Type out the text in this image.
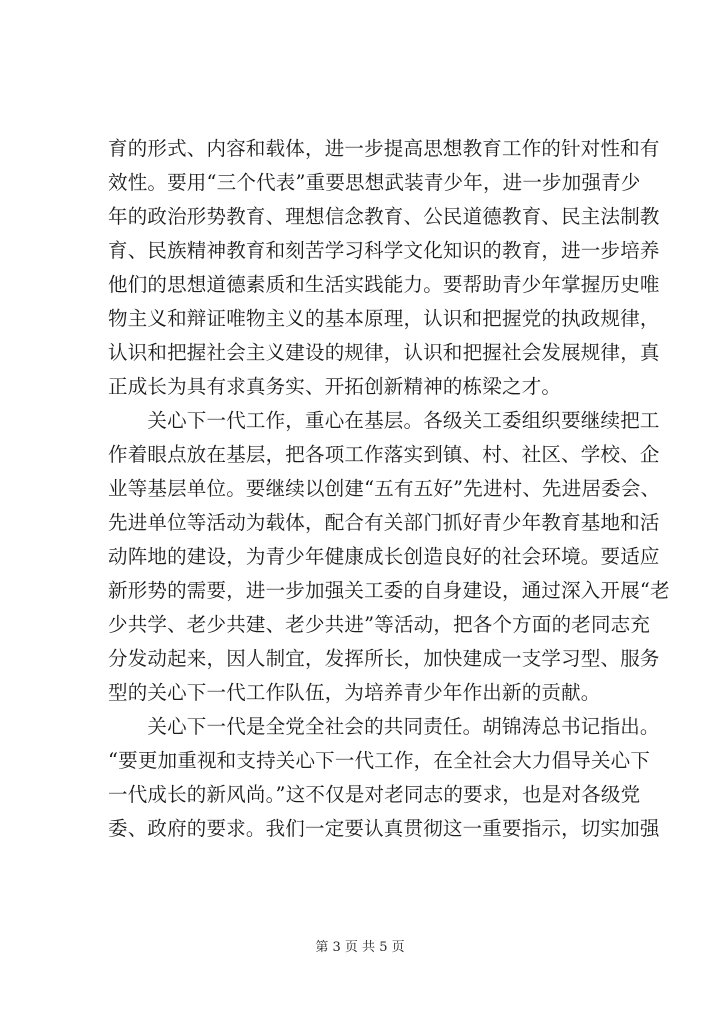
育的形式、内容和载体，进一步提高思想教育工作的针对性和有
效性。要用“三个代表”重要思想武装青少年，进一步加强青少
年的政治形势教育、理想信念教育、公民道德教育、民主法制教
育、民族精神教育和刻苦学习科学文化知识的教育，进一步培养
他们的思想道德素质和生活实践能力。要帮助青少年掌握历史唯
物主义和辩证唯物主义的基本原理，认识和把握党的执政规律，
认识和把握社会主义建设的规律，认识和把握社会发展规律，真
正成长为具有求真务实、开拓创新精神的栋梁之才。
　　关心下一代工作，重心在基层。各级关工委组织要继续把工
作着眼点放在基层，把各项工作落实到镇、村、社区、学校、企
业等基层单位。要继续以创建“五有五好”先进村、先进居委会、
先进单位等活动为载体，配合有关部门抓好青少年教育基地和活
动阵地的建设，为青少年健康成长创造良好的社会环境。要适应
新形势的需要，进一步加强关工委的自身建设，通过深入开展“老
少共学、老少共建、老少共进”等活动，把各个方面的老同志充
分发动起来，因人制宜，发挥所长，加快建成一支学习型、服务
型的关心下一代工作队伍，为培养青少年作出新的贡献。
　　关心下一代是全党全社会的共同责任。胡锦涛总书记指出。
“要更加重视和支持关心下一代工作，在全社会大力倡导关心下
一代成长的新风尚。”这不仅是对老同志的要求，也是对各级党
委、政府的要求。我们一定要认真贯彻这一重要指示，切实加强
第 3 页 共 5 页
